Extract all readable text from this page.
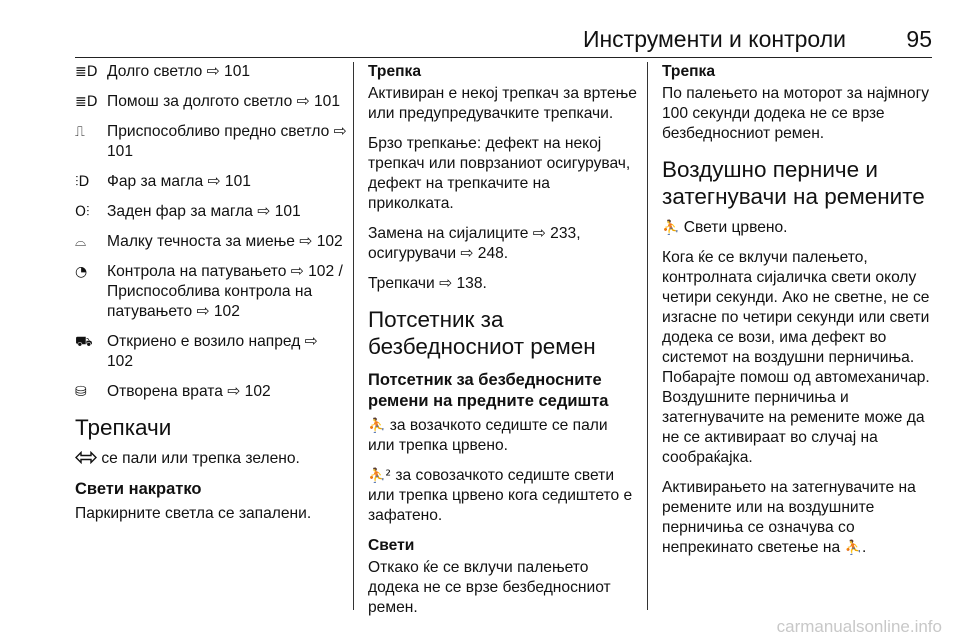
Инструменти и контроли	95
≣D Долго светло ⇨ 101
≣D Помош за долгото светло ⇨ 101
⎍	Приспособливо предно светло ⇨ 101
⫶D	Фар за магла ⇨ 101
O⫶	Заден фар за магла ⇨ 101
⌓	Малку течноста за миење ⇨ 102
◔	Контрола на патувањето ⇨ 102 / Приспособлива контрола на патувањето ⇨ 102
⛟ Откриено е возило напред ⇨ 102
⛁	Отворена врата ⇨ 102
Трепкачи

се пали или трепка зелено.

Свети накратко

Паркирните светла се запалени.

Трепка

Активиран е некој трепкач за вртење или предупредувачките трепкачи.

Брзо трепкање: дефект на некој трепкач или поврзаниот осигурувач, дефект на трепкачите на приколката.

Замена на сијалиците ⇨ 233, осигурувачи ⇨ 248.

Трепкачи ⇨ 138.

Потсетник за безбедносниот ремен
Потсетник за безбедносните ремени на предните седишта

⛹ за возачкото седиште се пали или трепка црвено.

⛹² за совозачкото седиште свети или трепка црвено кога седиштето е зафатено.

Свети

Откако ќе се вклучи палењето додека не се врзе безбедносниот ремен.

Трепка

По палењето на моторот за најмногу 100 секунди додека не се врзе безбедносниот ремен.

Воздушно перниче и затегнувачи на ремените

⛹ Свети црвено.

Кога ќе се вклучи палењето, контролната сијаличка свети околу четири секунди. Ако не светне, не се изгасне по четири секунди или свети додека се вози, има дефект во системот на воздушни перничиња. Побарајте помош од автомеханичар. Воздушните перничиња и затегнувачите на ремените може да не се активираат во случај на сообраќајка.

Активирањето на затегнувачите на ремените или на воздушните перничиња се означува со непрекинато светење на ⛹.

carmanualsonline.info
